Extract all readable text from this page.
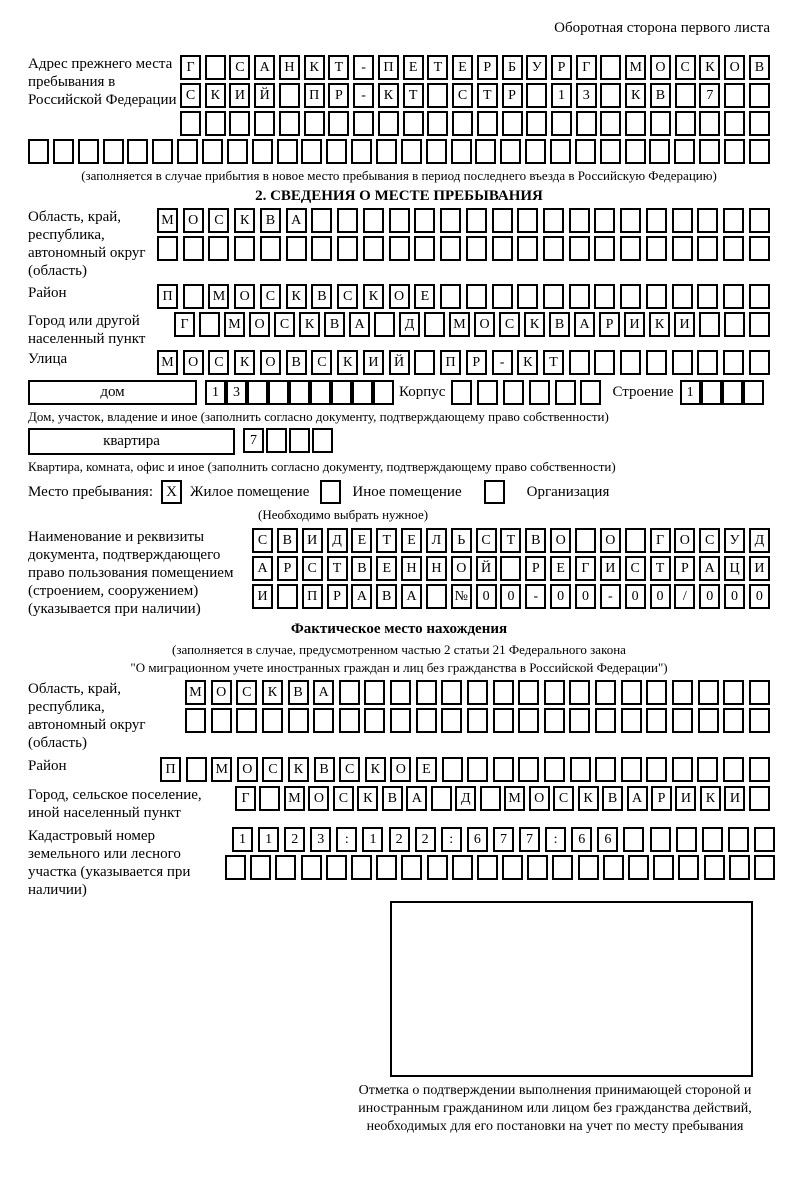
Оборотная сторона первого листа
Адрес прежнего места пребывания в Российской Федерации
Г	С	А	Н	К	Т	-	П	Е	Т	Е	Р	Б	У	Р	Г	М О	С	К	О	В
С	К	И	Й	П	Р	-	К	Т	С	Т	Р	1	3	К	В	7
(заполняется в случае прибытия в новое место пребывания в период последнего въезда в Российскую Федерацию)
2. СВЕДЕНИЯ О МЕСТЕ ПРЕБЫВАНИЯ
Область, край, республика, автономный округ (область)
М	О	С	К	В	А
Район	П	М	О	С	К	В	С	К	О	Е
Город или другой населенный пункт
Г	М О	С	К	В	А	Д	М О	С	К	В	А	Р	И	К	И
Улица	М	О	С	К	О	В	С	К	И	Й	П	Р	-	К	Т
дом	1	3	Корпус	Строение 1
Дом, участок, владение и иное (заполнить согласно документу, подтверждающему право собственности)
квартира	7
Квартира, комната, офис и иное (заполнить согласно документу, подтверждающему право собственности)
Место пребывания: X Жилое помещение	Иное помещение	Организация
(Необходимо выбрать нужное)
Наименование и реквизиты документа, подтверждающего право пользования помещением (строением, сооружением) (указывается при наличии)
С	В	И	Д	Е	Т	Е	Л	Ь	С	Т	В	О	О	Г	О	С	У	Д
А	Р	С	Т	В	Е	Н	Н	О	Й	Р	Е	Г	И	С	Т	Р	А	Ц	И
И	П	Р	А	В	А	№	0	0	-	0	0	-	0	0	/	0	0	0
Фактическое место нахождения
(заполняется в случае, предусмотренном частью 2 статьи 21 Федерального закона
"О миграционном учете иностранных граждан и лиц без гражданства в Российской Федерации")
Область, край, республика, автономный округ (область)
М	О	С	К	В	А
Район	П	М	О	С	К	В	С	К	О	Е
Город, сельское поселение, иной населенный пункт
Г	М О	С	К	В	А	Д	М О	С	К	В	А	Р	И	К	И
Кадастровый номер земельного или лесного участка (указывается при наличии)
1	1	2	3	:	1	2	2	:	6	7	7	:	6	6
Отметка о подтверждении выполнения принимающей стороной и иностранным гражданином или лицом без гражданства действий, необходимых для его постановки на учет по месту пребывания
